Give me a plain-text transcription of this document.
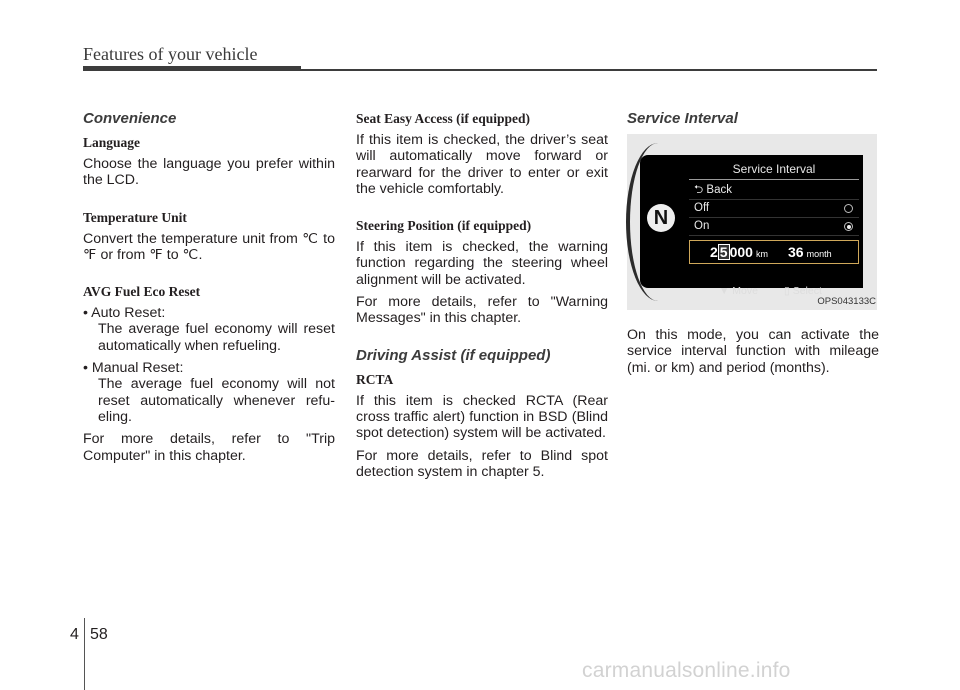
Features of your vehicle
Convenience
Language
Choose the language you prefer within the LCD.
Temperature Unit
Convert the temperature unit from ℃ to ℉ or from ℉ to ℃.
AVG Fuel Eco Reset
• Auto Reset:
The average fuel economy will reset automatically when refueling.
• Manual Reset:
The average fuel economy will not reset automatically whenever refu-eling.
For more details, refer to "Trip Computer" in this chapter.
Seat Easy Access (if equipped)
If this item is checked, the driver’s seat will automatically move forward or rearward for the driver to enter or exit the vehicle comfortably.
Steering Position (if equipped)
If this item is checked, the warning function regarding the steering wheel alignment will be activated.
For more details, refer to "Warning Messages" in this chapter.
Driving Assist (if equipped)
RCTA
If this item is checked RCTA (Rear cross traffic alert) function in BSD (Blind spot detection) system will be activated.
For more details, refer to Blind spot detection system in chapter 5.
Service Interval
N
Service Interval
⮌ Back
Off
On
2 5 000 km 36 month
▼ Move ▯ Select
OPS043133C
On this mode, you can activate the service interval function with mileage (mi. or km) and period (months).
4 58
carmanualsonline.info
